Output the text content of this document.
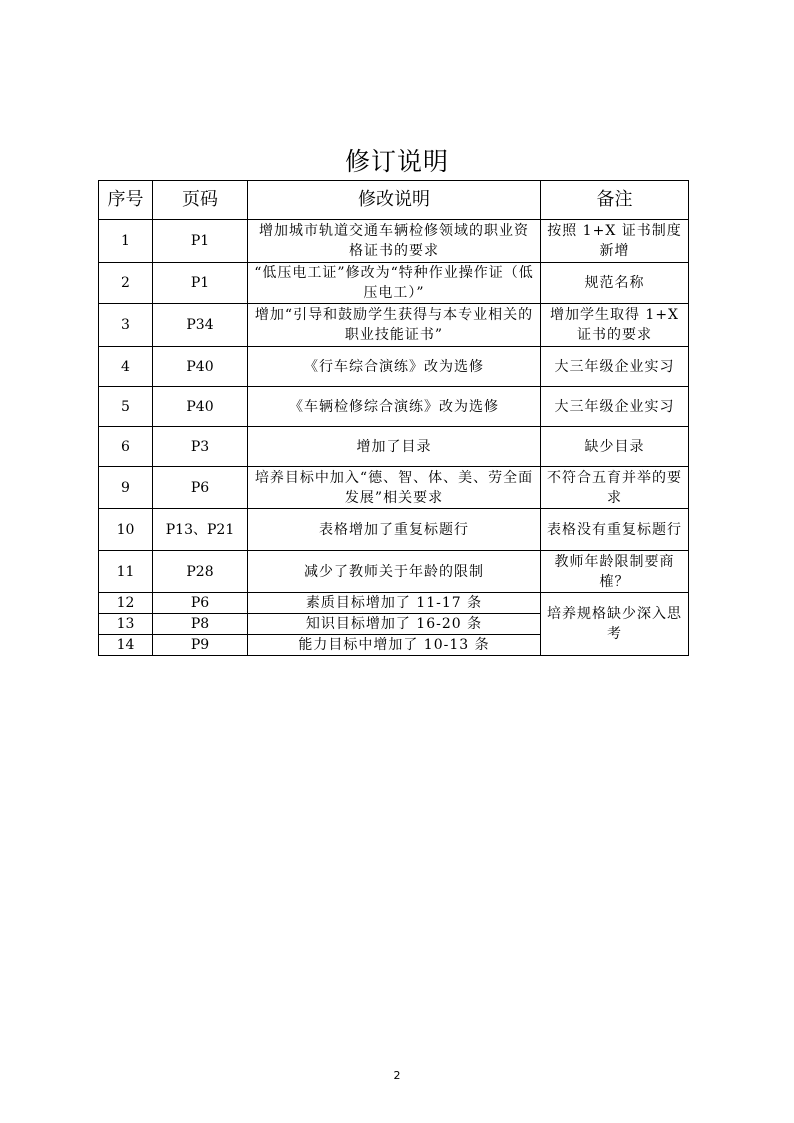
修订说明
序号	页码	修改说明	备注
1	P1	增加城市轨道交通车辆检修领域的职业资格证书的要求	按照 1+X 证书制度新增
2	P1	“低压电工证”修改为“特种作业操作证（低压电工）”	规范名称
3	P34	增加“引导和鼓励学生获得与本专业相关的职业技能证书”	增加学生取得 1+X 证书的要求
4	P40	《行车综合演练》改为选修	大三年级企业实习
5	P40	《车辆检修综合演练》改为选修	大三年级企业实习
6	P3	增加了目录	缺少目录
9	P6	培养目标中加入“德、智、体、美、劳全面发展”相关要求	不符合五育并举的要求
10	P13、P21	表格增加了重复标题行	表格没有重复标题行
11	P28	减少了教师关于年龄的限制	教师年龄限制要商榷？
12	P6	素质目标增加了 11-17 条	培养规格缺少深入思考
13	P8	知识目标增加了 16-20 条	
14	P9	能力目标中增加了 10-13 条	
2
